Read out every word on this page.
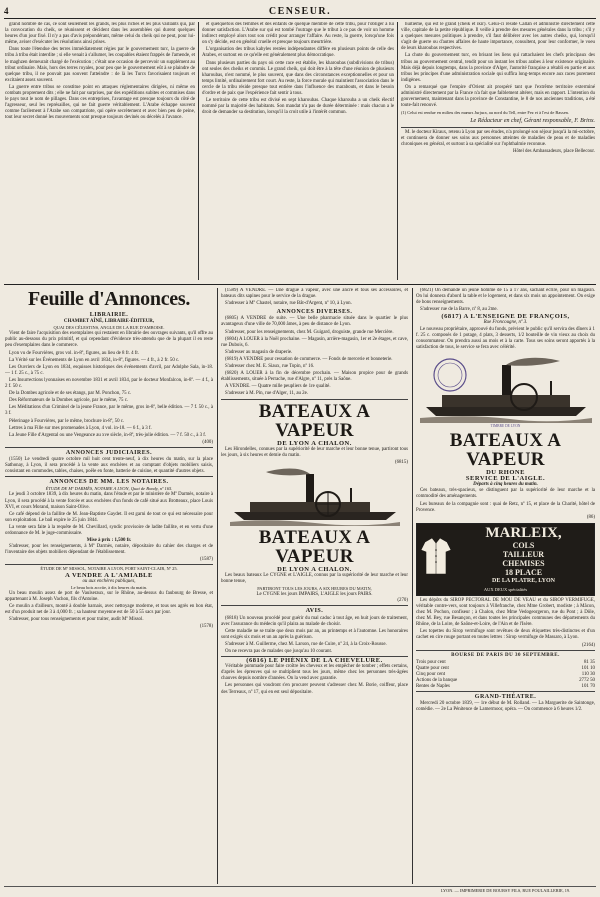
4	CENSEUR.

grand nombre de cas, ce sont seulement les grands, les plus riches et les plus vaillants qui, par la convocation du cheik, se réunissent et décident dans les assemblées qui durent quelques heures d'un jour fixé. Il n'y a pas d'avis prépondérant, même celui du cheik qui ne peut, pour lui-même, aviser d'exécuter les résolutions ainsi prises.

Dans toute l'étendue des terres immédiatement régies par le gouvernement turc, la guerre de tribu à tribu était interdite ; si elle venait à s'allumer, les coupables étaient frappés de l'amende, et le maghzen demeurait chargé de l'exécution ; c'était une occasion de percevoir un supplément au tribut ordinaire. Mais, hors des terres royales, pour peu que le gouvernement eût à se plaindre de quelque tribu, il ne pouvait pas souvent l'atteindre : de là les Turcs favorisaient toujours et excitaient assez souvent.

La guerre entre tribus se constitue point en attaques réglementaires dirigées, ni même en combats proprement dits ; elle ne fait par surprises, par des expéditions subites et commises dans le pays tout le nom de pillages. Dans ces entreprises, l'avantage est presque toujours du côté de l'agresseur, seul les représailles, qui ne fait guerre véritablement. L'Arabe échappe souvent comme facilement à l'Arabe son compatriote, qui opère secrètement et avec bien peu de peine, tout leur secret donné les mouvements sont presque toujours devinés ou décelés à l'avance.

et quelquefois des femmes et des enfants de quelque membre de cette tribu, pour l'obliger à lui donner satisfaction. L'Arabe sur qui est tombé l'outrage que le tribut à ce pas de voir un homme indirect employé alors tout son crédit pour arranger l'affaire. Au reste, la guerre, lorsqu'une fois on s'y décide, est en général cruelle et presque toujours meurtrière.

L'organisation des tribus kabyles restées indépendantes diffère en plusieurs points de celle des Arabes, et surtout en ce qu'elle est généralement plus démocratique.

Dans plusieurs parties du pays où cette race est établie, les kharoubas (subdivisions de tribus) ont seules des cheiks et commis. Le grand cheik, qui doit être à la tête d'une réunion de plusieurs kharoubas, n'est nommé, le plus souvent, que dans des circonstances exceptionnelles et pour un temps limité, ordinairement fort court. Au reste, la force morale qui maintient l'association dans le cercle de la tribu réside presque tout entière dans l'influence des marabouts, et dans le besoin d'ordre et de paix que l'expérience fait sentir à tous.

Le territoire de cette tribu est divisé en sept kharoubas. Chaque kharouba a un cheik électif nommé par la majorité des habitants. Son mandat n'a pas de durée déterminée : mais chacun a le droit de demander sa destitution, lorsqu'il la croit utile à l'intérêt commun.

huitième, qui est le grand (cheik et ikir). Celui-ci réside Callah et administre directement cette ville, capitale de la petite république. Il veille à prendre des mesures générales dans la tribu ; s'il y a quelques mesures politiques à prendre, s'il faut délibérer avec les autres cheiks, qui, lorsqu'il s'agit de guerre ou d'autres affaires de haute importance, consultent, pour leur conformer, le voeu de leurs kharoubas respectives.

La chute du gouvernement turc, en brisant les liens qui rattachaient les chefs principaux des tribus au gouvernement central, tendit pour un instant les tribus arabes à leur existence originaire. Mais déjà depuis longtemps, dans la province d'Alger, l'autorité française a rétabli en partie et aux tribus les principes d'une administration sociale qui suffira long-temps encore aux races purement indigènes.

On a remarqué que l'empire d'Orient ait prospéré tant que l'extrême territoire exterminé administré directement par la France n'a fait que faiblement altérer, mais en rapport. L'intention du gouvernement, maintenant dans la province de Constantine, le 8 de nos anciennes traditions, a été toute-fait renouvé.

(1) Celui est rendue en milieu des mœurs Jurjura, au nord du Tell, entre Fez et à l'est de Bassen.

Le Rédacteur en chef, Gérant responsable, F. Brinx.

M. le docteur Kiraux, retenu à Lyon par ses études, n'a prolongé son séjour jusqu'à la mi-octobre, et continuera de donner ses soins aux personnes atteintes de maladies de peau et de maladies chroniques en général, et surtout à sa spécialité sur l'ophthalmie reconnue.

Hôtel des Ambassadeurs, place Bellecour.

Feuille d'Annonces.
LIBRAIRIE.
CHAMBET AÎNÉ, LIBRAIRE-ÉDITEUR,
QUAI DES CÉLESTINS, ANGLE DE LA RUE D'AMBOISE.

Vient de faire l'acquisition des exemplaires qui restaient en librairie des ouvrages suivants, qu'il offre au public au-dessous du prix primitif, et qui cependant d'évidence très-attendu que de la plupart il en reste peu d'exemplaires dans le commerce.

Lyon vu de Fourvières, gros vol. in-8º, figures, au lieu de 8 fr. 4 fr.

La Vérité sur les Événements de Lyon en avril 1834, in-8º, figures. — 4 fr., à 2 fr. 50 c.

Les Ouvriers de Lyon en 1834, esquisses historiques des événements d'avril, par Adolphe Sala, in-18. — 1 f. 25 c., à 75 c.

Les Insurrections lyonnaises en novembre 1831 et avril 1834, par le docteur Monfalcon, in-8º. — 4 f., à 2 f. 50 c.

De la Dombes agricole et de ses étangs, par M. Ponchon, 75 c.

Des Réformateurs de la Dombes agricole, par le même, 75 c.

Les Méditations d'un Criminel de la jeune France, par le même, gros in-8º, belle édition. — 7 f. 50 c., à 3 f.

Pèlerinage à Fourvières, par le même, brochure in-8º, 50 c.

Lettres à ma Fille sur mes promenades à Lyon, 4 vol. in-18. — 6 f., à 3 f.

La Jeune Fille d'Argental ou une Vengeance au xve siècle, in-8º, très-jolie édition. — 7 f. 50 c., à 3 f.

(400)
ANNONCES JUDICIAIRES.

(1550) Le vendredi quatre octobre mil huit cent trente-neuf, à dix heures du matin, sur la place Sathonay, à Lyon, il sera procédé à la vente aux enchères et au comptant d'objets mobiliers saisis, consistant en commodes, tables, chaises, poêle en fonte, batterie de cuisine, et quantité d'autres objets.

ANNONCES DE MM. LES NOTAIRES.
ÉTUDE DE Mº DARMÈS, NOTAIRE A LYON, Quai de Bondy, nº 165.

Le jeudi 3 octobre 1839, à dix heures du matin, dans l'étude et par le ministère de Mº Darmès, notaire à Lyon, il sera procédé à la vente forcée et aux enchères d'un fonds de café situé aux Brotteaux, place Louis XVI, et cours Morand, maison Saint-Olive.

Ce café dépend de la faillite de M. Jean-Baptiste Gaydet. Il est garni de tout ce qui est nécessaire pour son exploitation. Le bail expire le 25 juin 1844.

La vente sera faite à la requête de M. Chevillard, syndic provisoire de ladite faillite, et en vertu d'une ordonnance de M. le juge-commissaire.

Mise à prix : 1,500 fr.

S'adresser, pour les renseignements, à Mº Darmès, notaire, dépositaire du cahier des charges et de l'inventaire des objets mobiliers dépendant de l'établissement.

(1587)
ÉTUDE DE Mº MISSOL, NOTAIRE A LYON, PORT SAINT-CLAIR, Nº 25.
A VENDRE A L'AMIABLE
ou aux enchères publiques,
Le beau bois accrûe, à dix heures du matin.

Un beau moulin assez de port de Vaulseraux, sur le Rhône, au-dessus du faubourg de Bresse, et appartenant à M. Joseph Vachon, fils d'Antoine.

Ce moulin a d'ailleurs, monté à double harnais, avec nettoyage moderne, et tous ses agrès en bon état, est d'un produit net de 3 à 4,000 fr. ; sa hauteur moyenne est de 50 à 55 sacs par jour.

S'adresser, pour tous renseignements et pour traiter, audit Mº Missol.

(1578)

(1589) A VENDRE. — Une drague à vapeur, avec une ancre et tous ses accessoires, et bateaux dits sapines pour le service de la drague.

S'adresser à Mº Chastel, notaire, rue Bât-d'Argent, nº 10, à Lyon.

ANNONCES DIVERSES.

(6805) A VENDRE de suite. — Une belle pharmacie située dans le quartier le plus avantageux d'une ville de 70,000 âmes, à peu de distance de Lyon.

S'adresser, pour les renseignements, chez M. Guigard, droguiste, grande rue Mercière.

(6804) A LOUER à la Noël prochaine. — Magasin, arrière-magasin, 1er et 2e étages, et cave, rue Dubois, 6.

S'adresser au magasin de draperie.

(6819) A VENDRE pour cessation de commerce. — Fonds de mercerie et bonneterie.

S'adresser chez M. E. Siaux, rue Topin, nº 16.

(6820) A LOUER à la fin de décembre prochain. — Maison propice pour de grands établissements, située à Perrache, rue d'Algre, nº 11, près la Saône.

A VENDRE. — Quatre mille peupliers de 1re qualité.

S'adresser à M. Pin, rue d'Alger, 11, au 2e.

BATEAUX A VAPEUR
DE LYON A CHALON.

Les Hirondelles, connues par la supériorité de leur marche et leur bonne tenue, partiront tous les jours, à six heures et demie du matin.

(6815)
BATEAUX A VAPEUR
DE LYON A CHALON.

Les beaux bateaux Le CYGNE et L'AIGLE, connus par la supériorité de leur marche et leur bonne tenue,

PARTIRONT TOUS LES JOURS, A SIX HEURES DU MATIN,
Le CYGNE les jours IMPAIRS, L'AIGLE les jours PAIRS.
(270)
AVIS.

(6818) Un nouveau procédé pour guérir du mal caduc à tout âge, en huit jours de traitement, avec l'assurance du médecin qu'il plaira au malade de choisir.

Cette maladie ne se traite que deux mois par an, au printemps et à l'automne. Les honoraires sont exigés six mois et un an après la guérison.

S'adresser à M. Guillerme, chez M. Larson, rue de Cuire, nº 24, à la Croix-Rousse.

On ne recevra pas de malades que jusqu'au 10 courant.

(6816) LE PHÉNIX DE LA CHEVELURE.

Véritable pommade pour faire croître les cheveux et les empêcher de tomber ; effets certains, d'après les épreuves qui se multiplient tous les jours, même chez les personnes très-âgées chauves depuis nombre d'années. On la vend avec garantie.

Les personnes qui voudront s'en procurer peuvent s'adresser chez M. Borie, coiffeur, place des Terreaux, nº 17, qui en est seul dépositaire.

(6821) On demande un jeune homme de 15 à 17 ans, sachant écrire, pour un magasin. On lui donnera d'abord la table et le logement, et dans six mois un appointement. On exige de bons renseignements.

S'adresser rue de la Barre, nº 8, au 2me.

(6817) A L'ENSEIGNE DE FRANÇOIS,
Rue Froncougne, nº 3.

Le nouveau propriétaire, approuvé du fonds, prévient le public qu'il servira des dîners à 1 f. 25 c. composés de 1 potage, 4 plats, 3 desserts, 1/2 bouteille de vin vieux au choix du consommateur. On prendra aussi au mois et à la carte. Tous ses soins seront apportés à la satisfaction de tous, le service se fera avec célérité.

TIMBRE DE LYON
BATEAUX A VAPEUR
DU RHONE
SERVICE DE L'AIGLE.
Départs à cinq heures du matin.

Ces bateaux, très-spacieux, se distinguent par la supériorité de leur marche et la commodité des aménagements.

Les bureaux de la compagnie sont : quai de Retz, nº 15, et place de la Charité, hôtel de Provence.

(86)
MARLEIX,
COLS
TAILLEUR
CHEMISES
18 PLACE
DE LA PLATRE, LYON
AUX DEUX spécialités

Les dépôts du SIROP PECTORAL DE MOU DE VEAU et du SIROP VERMIFUGE, véritable contre-vers, sont toujours à Villefranche, chez Mme Grobert, modiste ; à Mâcon, chez M. Pochon, confiseur ; à Chalon, chez Mme Vedogeorgeron, rue du Pont ; à Dôle, chez M. Bey, rue Besançon, et dans toutes les principales communes des départements du Rhône, de la Loire, de Saône-et-Loire, de l'Ain et de l'Isère.

Les topettes du Sirop vermifuge sont revêtues de deux étiquettes très-distinctes et d'un cachet en cire rouge portant en toutes lettres : Sirop vermifuge de Massaro, à Lyon.

(2164)
BOURSE DE PARIS DU 30 SEPTEMBRE.
Trois pour cent	81 35
Quatre pour cent	101 10
Cinq pour cent	110 30
Actions de la banque	2772 50
Rentes de Naples	101 70
GRAND-THÉATRE.

Mercredi 20 octobre 1839, — 1re début de M. Rolland. — La Marguerite de Saintonge, comédie. — 2e La Pénitence de Lamermoor, opéra. — On commence à 6 heures 1/2.

LYON. — IMPRIMERIE DE BOURSY FILS, RUE POULAILLERIE, 19.
